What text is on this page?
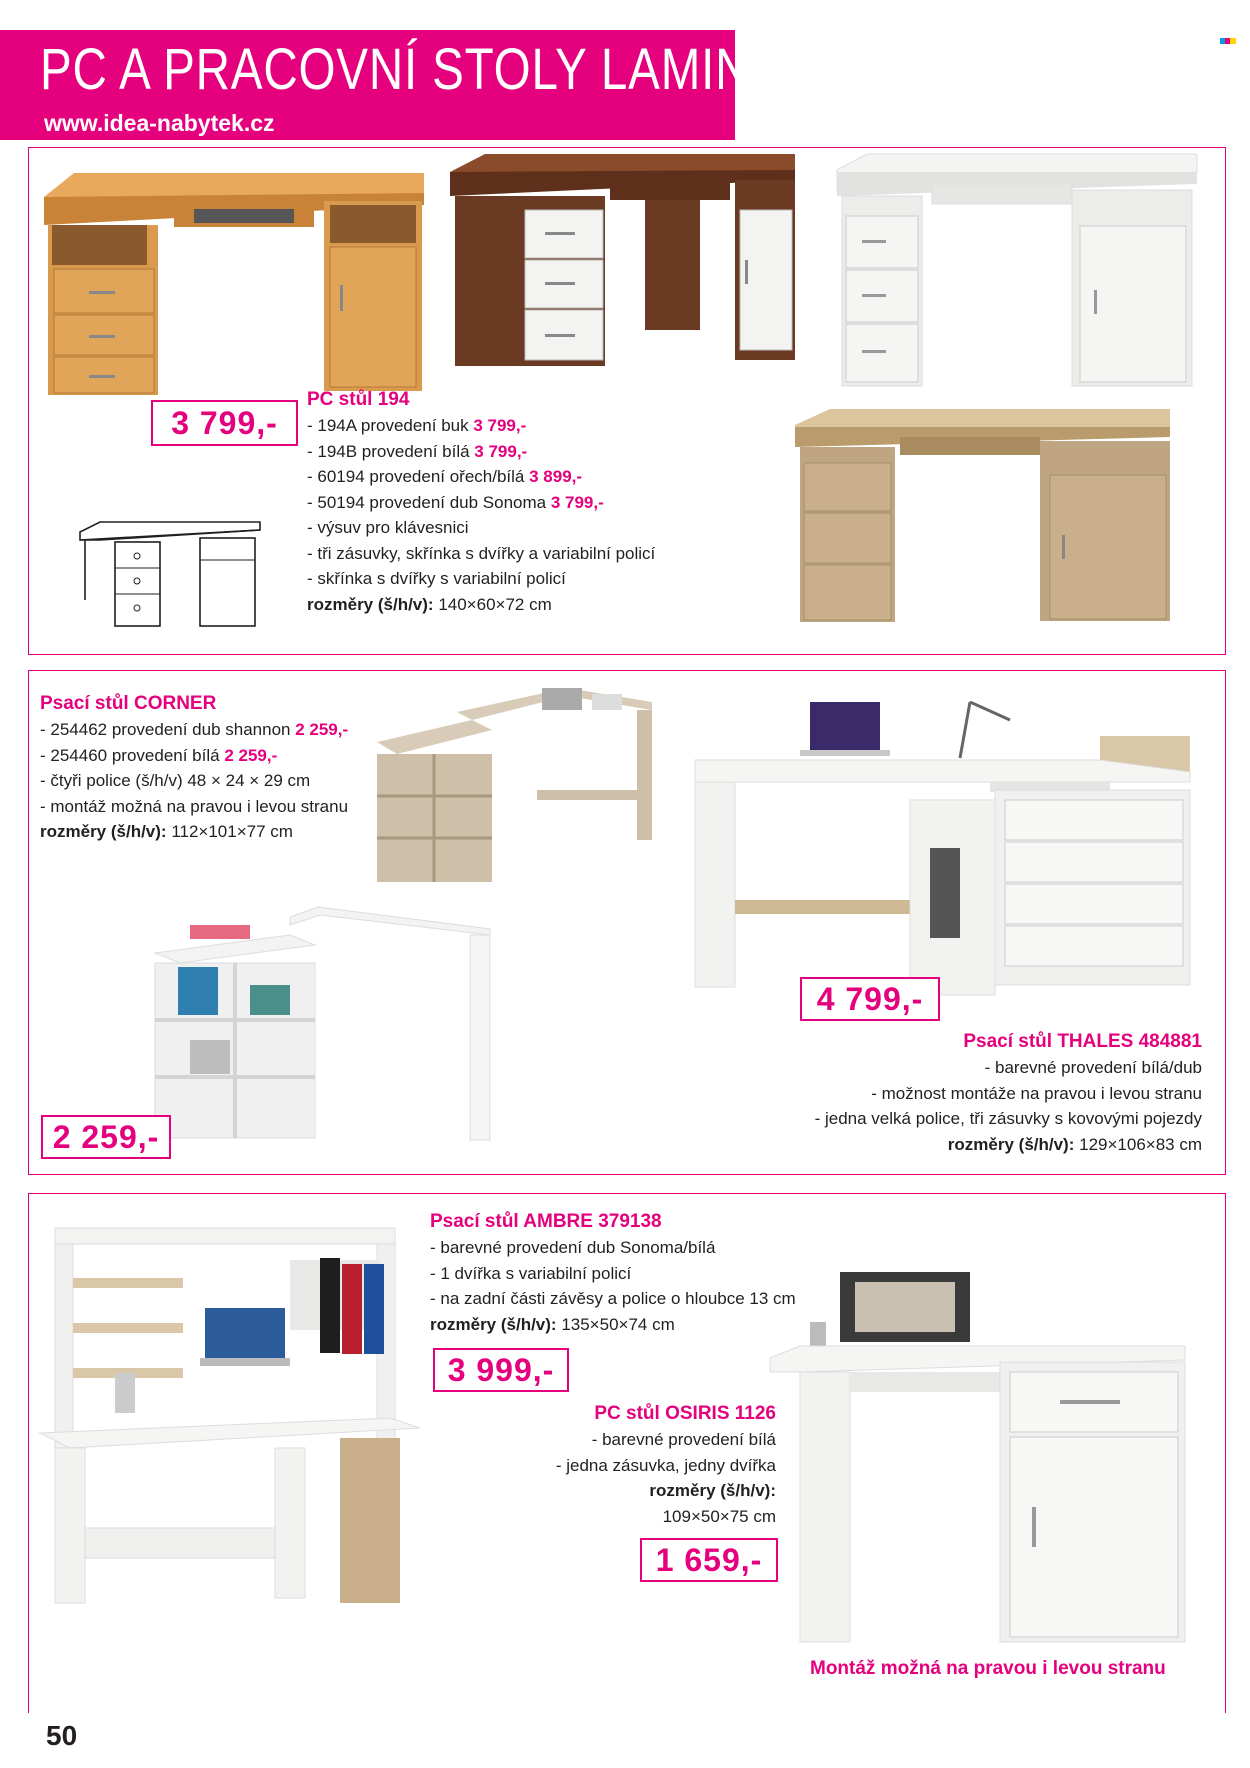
PC A PRACOVNÍ STOLY LAMINO
www.idea-nabytek.cz
3 799,-
PC stůl 194
- 194A provedení buk 3 799,-
- 194B provedení bílá 3 799,-
- 60194 provedení ořech/bílá 3 899,-
- 50194 provedení dub Sonoma 3 799,-
- výsuv pro klávesnici
- tři zásuvky, skřínka s dvířky a variabilní policí
- skřínka s dvířky s variabilní policí
rozměry (š/h/v): 140×60×72 cm
Psací stůl CORNER
- 254462 provedení dub shannon 2 259,-
- 254460 provedení bílá 2 259,-
- čtyři police (š/h/v) 48 × 24 × 29 cm
- montáž možná na pravou i levou stranu
rozměry (š/h/v): 112×101×77 cm
4 799,-
2 259,-
Psací stůl THALES 484881
- barevné provedení bílá/dub
- možnost montáže na pravou i levou stranu
- jedna velká police, tři zásuvky s kovovými pojezdy
rozměry (š/h/v): 129×106×83 cm
Psací stůl AMBRE 379138
- barevné provedení dub Sonoma/bílá
- 1 dvířka s variabilní policí
- na zadní části závěsy a police o hloubce 13 cm
rozměry (š/h/v): 135×50×74 cm
3 999,-
PC stůl OSIRIS 1126
- barevné provedení bílá
- jedna zásuvka, jedny dvířka
rozměry (š/h/v):
109×50×75 cm
1 659,-
Montáž možná na pravou i levou stranu
50
